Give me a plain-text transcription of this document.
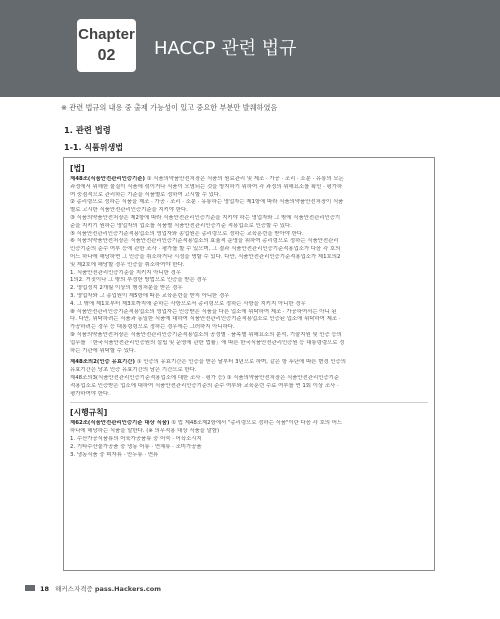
Chapter
02	HACCP 관련 법규
※ 관련 법규의 내용 중 출제 가능성이 있고 중요한 부분만 발췌하였음
1. 관련 법령
1-1. 식품위생법
[법]
제48조(식품안전관리인증기준) ① 식품의약품안전처장은 식품의 원료관리 및 제조 · 가공 · 조리 · 소분 · 유통의 모든
과정에서 위해한 물질이 식품에 섞이거나 식품이 오염되는 것을 방지하기 위하여 각 과정의 위해요소를 확인 · 평가하
여 중점적으로 관리하는 기준을 식품별로 정하여 고시할 수 있다.
② 총리령으로 정하는 식품을 제조 · 가공 · 조리 · 소분 · 유통하는 영업자는 제1항에 따라 식품의약품안전처장이 식품
별로 고시한 식품안전관리인증기준을 지키야 한다.
③ 식품의약품안전처장은 제2항에 따라 식품안전관리인증기준을 지키야 하는 영업자와 그 밖에 식품안전관리인증기
준을 지키기 원하는 영업자의 업소를 식품별 식품안전관리인증기준 적용업소로 인증할 수 있다.
⑤ 식품안전관리인증기준적용업소의 영업자와 종업원은 총리령으로 정하는 교육훈련을 받아야 한다.
⑥ 식품의약품안전처장은 식품안전관리인증기준적용업소의 효율적 운영을 위하여 총리령으로 정하는 식품안전관리
인증기준의 준수 여부 등에 관한 조사 · 평가를 할 수 있으며, 그 결과 식품안전관리인증기준적용업소가 다음 각 호의
어느 하나에 해당하면 그 인증을 취소하거나 시정을 명할 수 있다. 다만, 식품안전관리인증기준적용업소가 제1호의2
및 제2호에 해당할 경우 인증을 취소하여야 한다.
1. 식품안전관리인증기준을 지키지 아니한 경우
1의2. 거짓이나 그 밖의 부정한 방법으로 인증을 받은 경우
2. 영업정지 2개월 이상의 행정처분을 받은 경우
3. 영업자와 그 종업원이 제5항에 따른 교육훈련을 받지 아니한 경우
4. 그 밖에 제1호부터 제3호까지에 준하는 사항으로서 총리령으로 정하는 사항을 지키지 아니한 경우
⑧ 식품안전관리인증기준적용업소의 영업자는 인증받은 식품을 다른 업소에 위탁하여 제조 · 가공하여서는 아니 된
다. 다만, 위탁하려는 식품과 동일한 식품에 대하여 식품안전관리인증기준적용업소로 인증된 업소에 위탁하여 제조 ·
가공하려는 경우 등 대통령령으로 정하는 경우에는 그러하지 아니하다.
⑨ 식품의약품안전처장은 식품안전관리인증기준적용업소의 공정별 · 품목별 위해요소의 분석, 기술지원 및 인증 등의
업무를 「한국식품안전관리인증원의 설립 및 운영에 관한 법률」에 따른 한국식품안전관리인증원 등 대통령령으로 정
하는 기관에 위탁할 수 있다.
제48조의2(인증 유효기간) ① 인증의 유효기간은 인증을 받은 날부터 3년으로 하며, 같은 항 후단에 따른 변경 인증의
유효기간은 당초 인증 유효기간의 남은 기간으로 한다.
제48조의3(식품안전관리인증기준적용업소에 대한 조사 · 평가 등) ① 식품의약품안전처장은 식품안전관리인증기준
적용업소로 인증받은 업소에 대하여 식품안전관리인증기준의 준수 여부와 교육훈련 수료 여부를 연 1회 이상 조사 ·
평가하여야 한다.
[시행규칙]
제62조(식품안전관리인증기준 대상 식품) ① 법 제48조제2항에서 "총리령으로 정하는 식품"이란 다음 각 호의 어느
하나에 해당하는 식품을 말한다. (※ 의무적용 대상 식품을 말함)
1. 수산가공식품류의 어육가공품류 중 어묵 · 어육소시지
2. 기타수산물가공품 중 냉동 어류 · 연체류 · 조미가공품
3. 냉동식품 중 피자류 · 만두류 · 면류
18 해커스자격증 pass.Hackers.com
